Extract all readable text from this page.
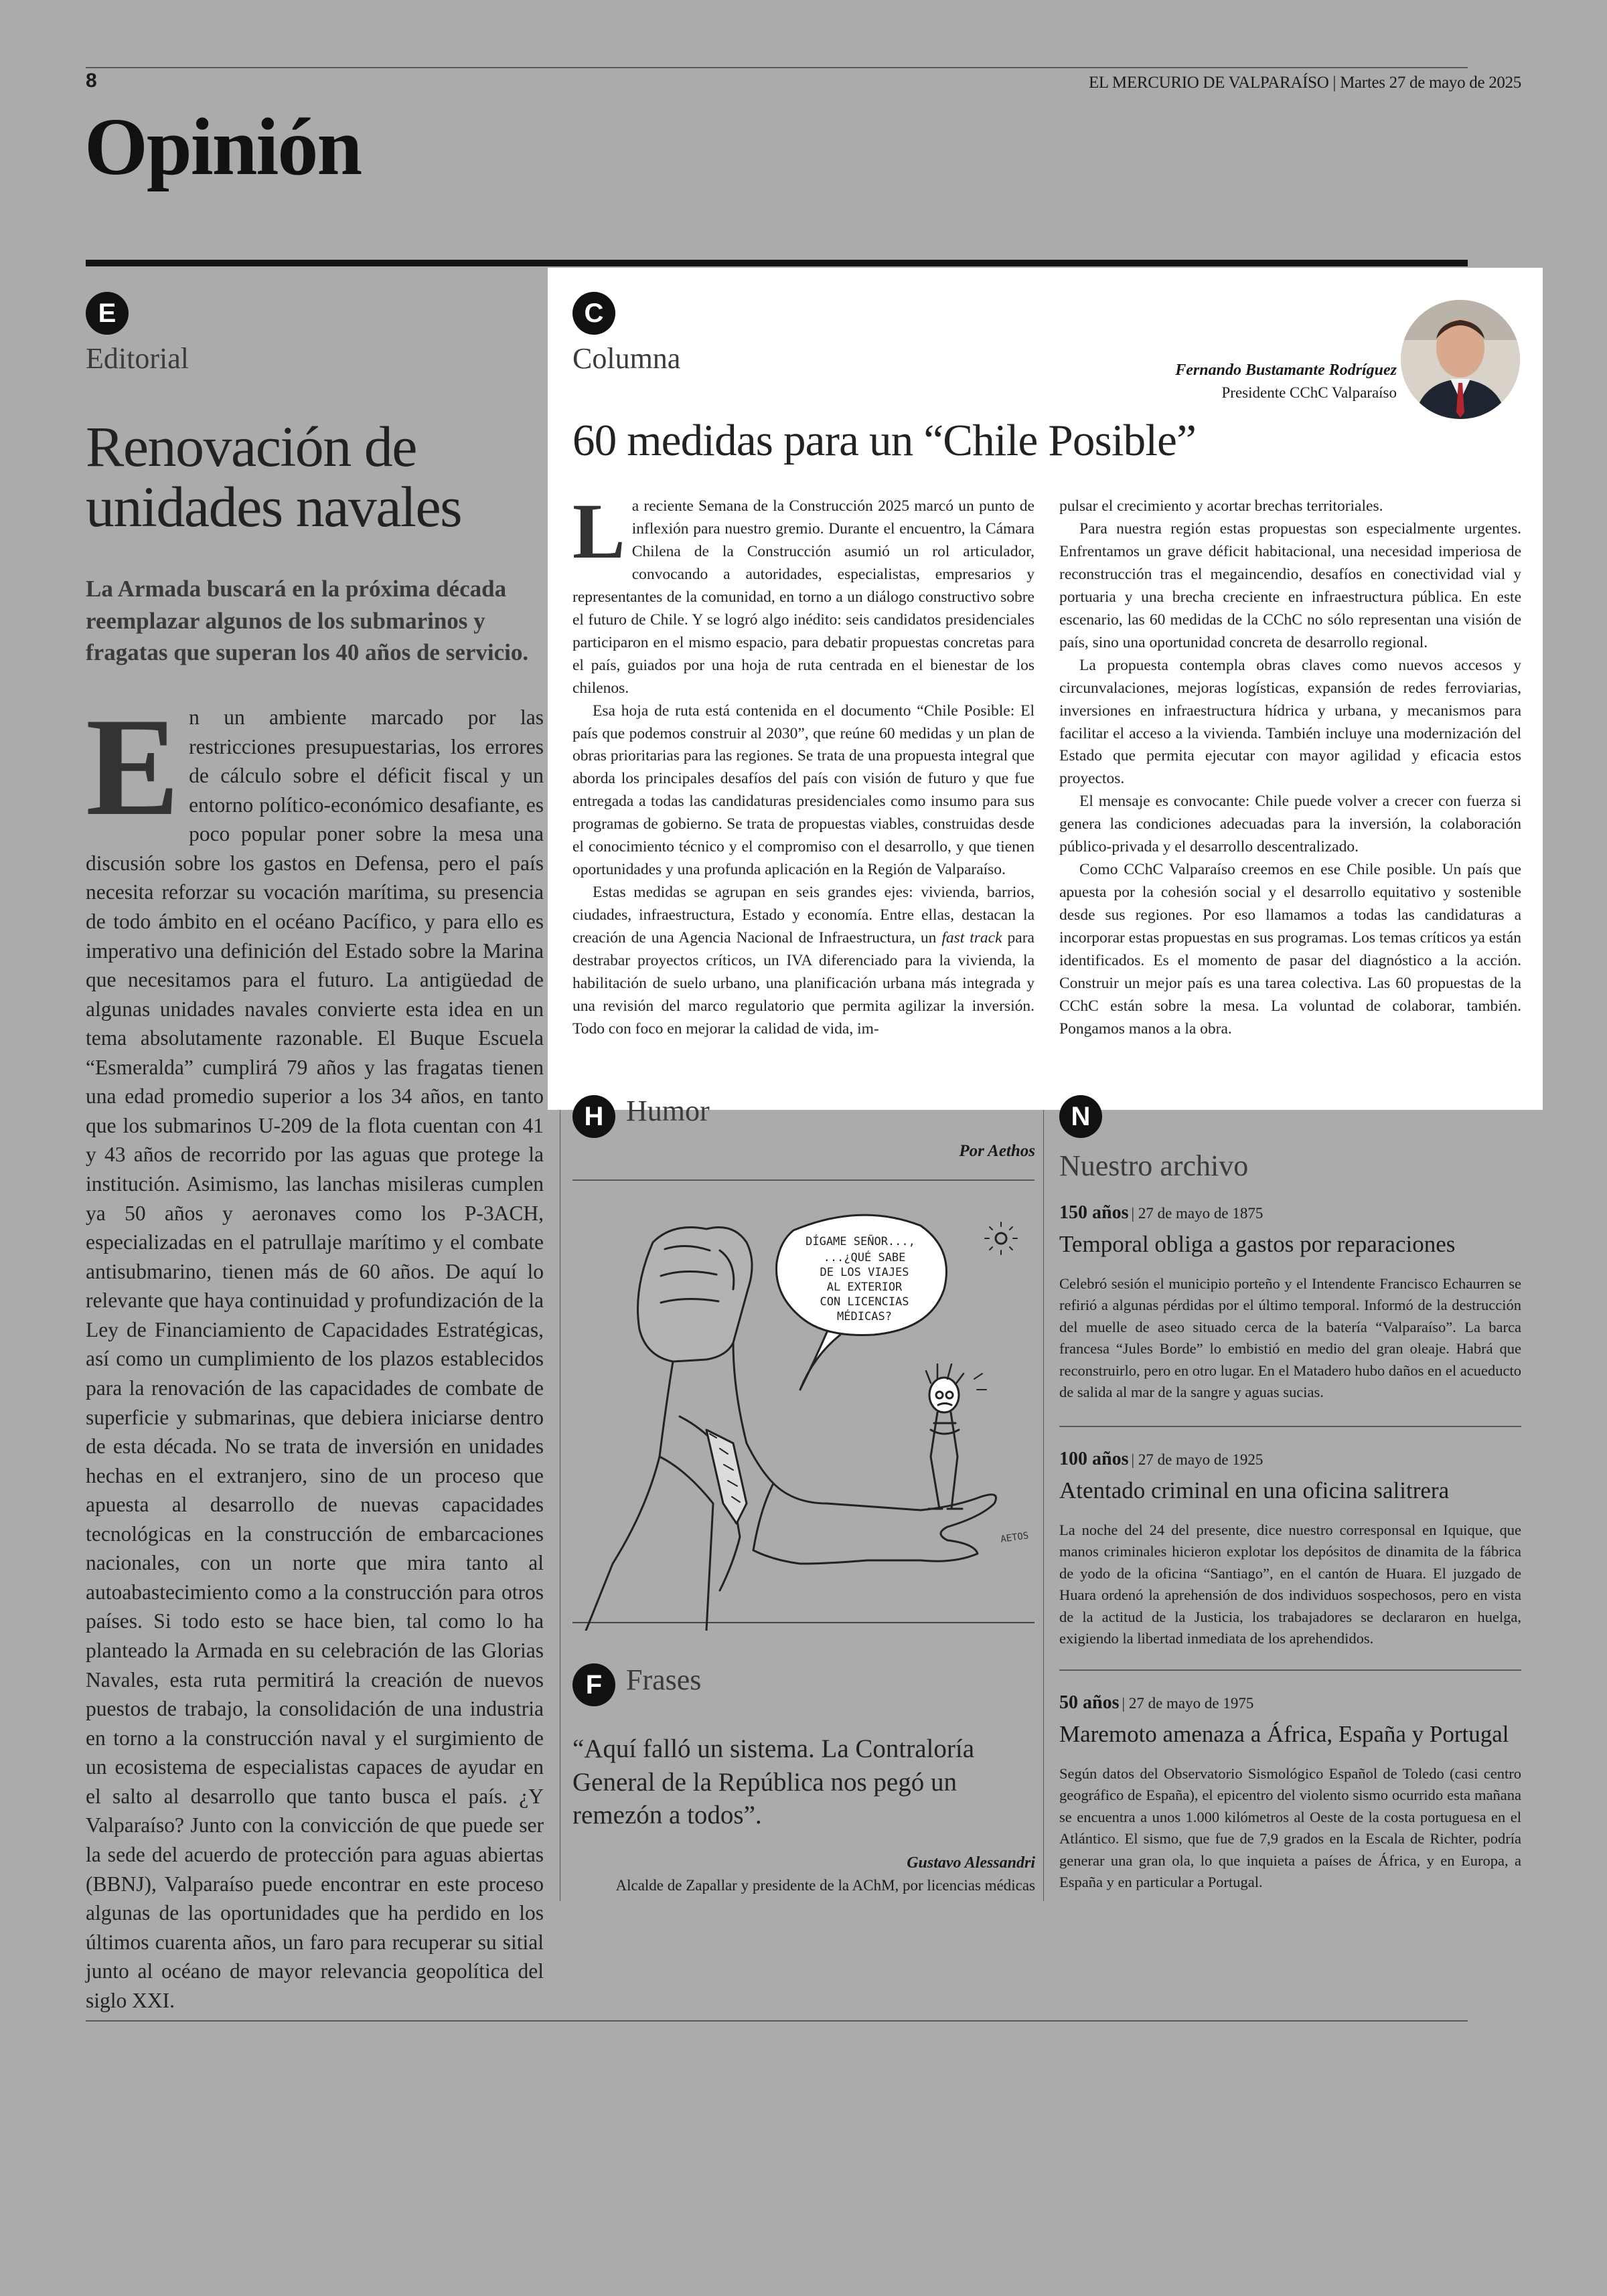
8	EL MERCURIO DE VALPARAÍSO | Martes 27 de mayo de 2025
Opinión
E
Editorial
Renovación de unidades navales
La Armada buscará en la próxima década reemplazar algunos de los submarinos y fragatas que superan los 40 años de servicio.
En un ambiente marcado por las restricciones presupuestarias, los errores de cálculo sobre el déficit fiscal y un entorno político-económico desafiante, es poco popular poner sobre la mesa una discusión sobre los gastos en Defensa, pero el país necesita reforzar su vocación marítima, su presencia de todo ámbito en el océano Pacífico, y para ello es imperativo una definición del Estado sobre la Marina que necesitamos para el futuro. La antigüedad de algunas unidades navales convierte esta idea en un tema absolutamente razonable. El Buque Escuela “Esmeralda” cumplirá 79 años y las fragatas tienen una edad promedio superior a los 34 años, en tanto que los submarinos U-209 de la flota cuentan con 41 y 43 años de recorrido por las aguas que protege la institución. Asimismo, las lanchas misileras cumplen ya 50 años y aeronaves como los P-3ACH, especializadas en el patrullaje marítimo y el combate antisubmarino, tienen más de 60 años. De aquí lo relevante que haya continuidad y profundización de la Ley de Financiamiento de Capacidades Estratégicas, así como un cumplimiento de los plazos establecidos para la renovación de las capacidades de combate de superficie y submarinas, que debiera iniciarse dentro de esta década. No se trata de inversión en unidades hechas en el extranjero, sino de un proceso que apuesta al desarrollo de nuevas capacidades tecnológicas en la construcción de embarcaciones nacionales, con un norte que mira tanto al autoabastecimiento como a la construcción para otros países. Si todo esto se hace bien, tal como lo ha planteado la Armada en su celebración de las Glorias Navales, esta ruta permitirá la creación de nuevos puestos de trabajo, la consolidación de una industria en torno a la construcción naval y el surgimiento de un ecosistema de especialistas capaces de ayudar en el salto al desarrollo que tanto busca el país. ¿Y Valparaíso? Junto con la convicción de que puede ser la sede del acuerdo de protección para aguas abiertas (BBNJ), Valparaíso puede encontrar en este proceso algunas de las oportunidades que ha perdido en los últimos cuarenta años, un faro para recuperar su sitial junto al océano de mayor relevancia geopolítica del siglo XXI.
C
Columna	Fernando Bustamante Rodríguez
Presidente CChC Valparaíso
60 medidas para un “Chile Posible”

La reciente Semana de la Construcción 2025 marcó un punto de inflexión para nuestro gremio. Durante el encuentro, la Cámara Chilena de la Construcción asumió un rol articulador, convocando a autoridades, especialistas, empresarios y representantes de la comunidad, en torno a un diálogo constructivo sobre el futuro de Chile. Y se logró algo inédito: seis candidatos presidenciales participaron en el mismo espacio, para debatir propuestas concretas para el país, guiados por una hoja de ruta centrada en el bienestar de los chilenos.

Esa hoja de ruta está contenida en el documento “Chile Posible: El país que podemos construir al 2030”, que reúne 60 medidas y un plan de obras prioritarias para las regiones. Se trata de una propuesta integral que aborda los principales desafíos del país con visión de futuro y que fue entregada a todas las candidaturas presidenciales como insumo para sus programas de gobierno. Se trata de propuestas viables, construidas desde el conocimiento técnico y el compromiso con el desarrollo, y que tienen oportunidades y una profunda aplicación en la Región de Valparaíso.

Estas medidas se agrupan en seis grandes ejes: vivienda, barrios, ciudades, infraestructura, Estado y economía. Entre ellas, destacan la creación de una Agencia Nacional de Infraestructura, un fast track para destrabar proyectos críticos, un IVA diferenciado para la vivienda, la habilitación de suelo urbano, una planificación urbana más integrada y una revisión del marco regulatorio que permita agilizar la inversión. Todo con foco en mejorar la calidad de vida, im-

pulsar el crecimiento y acortar brechas territoriales.

Para nuestra región estas propuestas son especialmente urgentes. Enfrentamos un grave déficit habitacional, una necesidad imperiosa de reconstrucción tras el megaincendio, desafíos en conectividad vial y portuaria y una brecha creciente en infraestructura pública. En este escenario, las 60 medidas de la CChC no sólo representan una visión de país, sino una oportunidad concreta de desarrollo regional.

La propuesta contempla obras claves como nuevos accesos y circunvalaciones, mejoras logísticas, expansión de redes ferroviarias, inversiones en infraestructura hídrica y urbana, y mecanismos para facilitar el acceso a la vivienda. También incluye una modernización del Estado que permita ejecutar con mayor agilidad y eficacia estos proyectos.

El mensaje es convocante: Chile puede volver a crecer con fuerza si genera las condiciones adecuadas para la inversión, la colaboración público-privada y el desarrollo descentralizado.

Como CChC Valparaíso creemos en ese Chile posible. Un país que apuesta por la cohesión social y el desarrollo equitativo y sostenible desde sus regiones. Por eso llamamos a todas las candidaturas a incorporar estas propuestas en sus programas. Los temas críticos ya están identificados. Es el momento de pasar del diagnóstico a la acción. Construir un mejor país es una tarea colectiva. Las 60 propuestas de la CChC están sobre la mesa. La voluntad de colaborar, también. Pongamos manos a la obra.

H Humor
Por Aethos
DÍGAME SEÑOR...,
...¿QUÉ SABE
DE LOS VIAJES
AL EXTERIOR
CON LICENCIAS
MÉDICAS?
AETOS
F Frases
“Aquí falló un sistema. La Contraloría General de la República nos pegó un remezón a todos”.
Gustavo Alessandri
Alcalde de Zapallar y presidente de la AChM, por licencias médicas
N
Nuestro archivo
150 años | 27 de mayo de 1875
Temporal obliga a gastos por reparaciones
Celebró sesión el municipio porteño y el Intendente Francisco Echaurren se refirió a algunas pérdidas por el último temporal. Informó de la destrucción del muelle de aseo situado cerca de la batería “Valparaíso”. La barca francesa “Jules Borde” lo embistió en medio del gran oleaje. Habrá que reconstruirlo, pero en otro lugar. En el Matadero hubo daños en el acueducto de salida al mar de la sangre y aguas sucias.
100 años | 27 de mayo de 1925
Atentado criminal en una oficina salitrera
La noche del 24 del presente, dice nuestro corresponsal en Iquique, que manos criminales hicieron explotar los depósitos de dinamita de la fábrica de yodo de la oficina “Santiago”, en el cantón de Huara. El juzgado de Huara ordenó la aprehensión de dos individuos sospechosos, pero en vista de la actitud de la Justicia, los trabajadores se declararon en huelga, exigiendo la libertad inmediata de los aprehendidos.
50 años | 27 de mayo de 1975
Maremoto amenaza a África, España y Portugal
Según datos del Observatorio Sismológico Español de Toledo (casi centro geográfico de España), el epicentro del violento sismo ocurrido esta mañana se encuentra a unos 1.000 kilómetros al Oeste de la costa portuguesa en el Atlántico. El sismo, que fue de 7,9 grados en la Escala de Richter, podría generar una gran ola, lo que inquieta a países de África, y en Europa, a España y en particular a Portugal.
